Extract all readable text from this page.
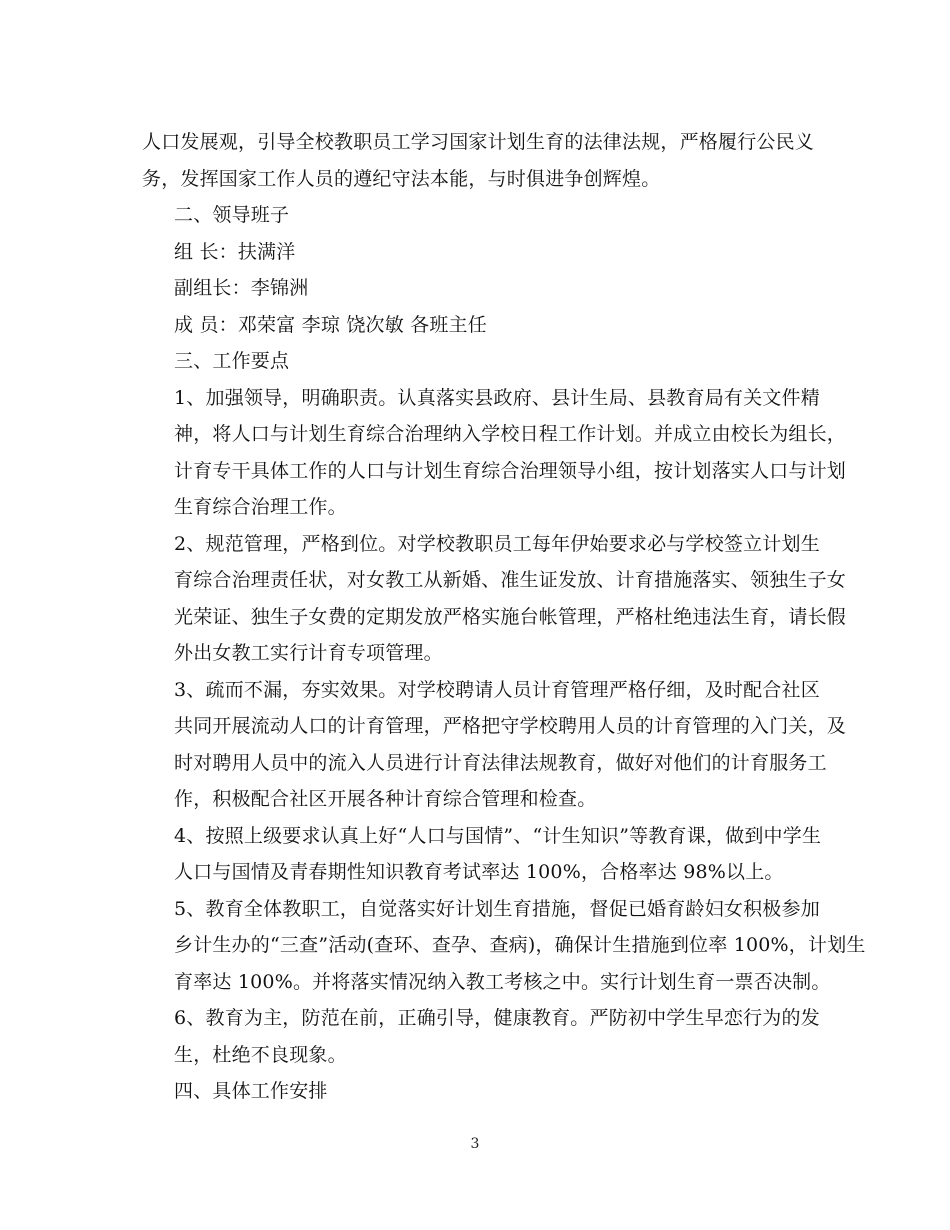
人口发展观，引导全校教职员工学习国家计划生育的法律法规，严格履行公民义
务，发挥国家工作人员的遵纪守法本能，与时俱进争创辉煌。
二、领导班子
组 长：扶满洋
副组长：李锦洲
成 员：邓荣富 李琼 饶次敏 各班主任
三、工作要点
1、加强领导，明确职责。认真落实县政府、县计生局、县教育局有关文件精
神，将人口与计划生育综合治理纳入学校日程工作计划。并成立由校长为组长，
计育专干具体工作的人口与计划生育综合治理领导小组，按计划落实人口与计划
生育综合治理工作。
2、规范管理，严格到位。对学校教职员工每年伊始要求必与学校签立计划生
育综合治理责任状，对女教工从新婚、准生证发放、计育措施落实、领独生子女
光荣证、独生子女费的定期发放严格实施台帐管理，严格杜绝违法生育，请长假
外出女教工实行计育专项管理。
3、疏而不漏，夯实效果。对学校聘请人员计育管理严格仔细，及时配合社区
共同开展流动人口的计育管理，严格把守学校聘用人员的计育管理的入门关，及
时对聘用人员中的流入人员进行计育法律法规教育，做好对他们的计育服务工
作，积极配合社区开展各种计育综合管理和检查。
4、按照上级要求认真上好“人口与国情”、“计生知识”等教育课，做到中学生
人口与国情及青春期性知识教育考试率达 100%，合格率达 98%以上。
5、教育全体教职工，自觉落实好计划生育措施，督促已婚育龄妇女积极参加
乡计生办的“三查”活动(查环、查孕、查病)，确保计生措施到位率 100%，计划生
育率达 100%。并将落实情况纳入教工考核之中。实行计划生育一票否决制。
6、教育为主，防范在前，正确引导，健康教育。严防初中学生早恋行为的发
生，杜绝不良现象。
四、具体工作安排
3
